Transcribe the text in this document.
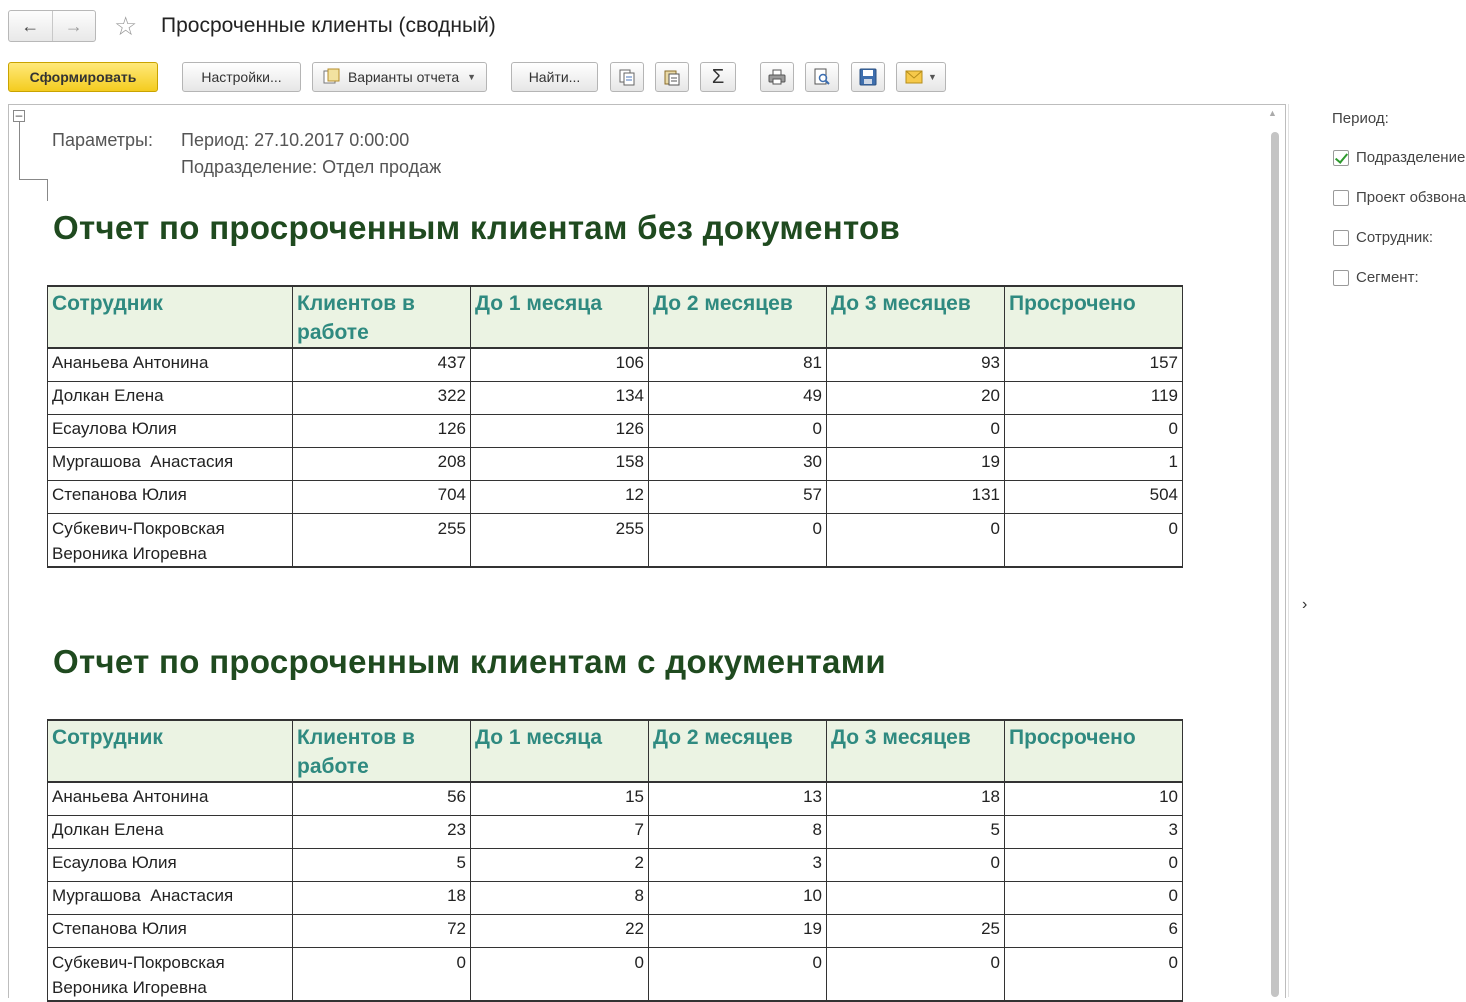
← → ☆ Просроченные клиенты (сводный)
Сформировать	Настройки...	Варианты отчета ▼	Найти...	Σ	▼
–
Параметры: Период: 27.10.2017 0:00:00
Подразделение: Отдел продаж
Отчет по просроченным клиентам без документов
Сотрудник	Клиентов в работе	До 1 месяца	До 2 месяцев	До 3 месяцев	Просрочено
Ананьева Антонина	437	106	81	93	157
Долкан Елена	322	134	49	20	119
Есаулова Юлия	126	126	0	0	0
Мургашова  Анастасия	208	158	30	19	1
Степанова Юлия	704	12	57	131	504
Субкевич-Покровская Вероника Игоревна	255	255	0	0	0
Отчет по просроченным клиентам с документами
Сотрудник	Клиентов в работе	До 1 месяца	До 2 месяцев	До 3 месяцев	Просрочено
Ананьева Антонина	56	15	13	18	10
Долкан Елена	23	7	8	5	3
Есаулова Юлия	5	2	3	0	0
Мургашова  Анастасия	18	8	10		0
Степанова Юлия	72	22	19	25	6
Субкевич-Покровская Вероника Игоревна	0	0	0	0	0
▲
›
Период:
Подразделение
Проект обзвона
Сотрудник:
Сегмент:
